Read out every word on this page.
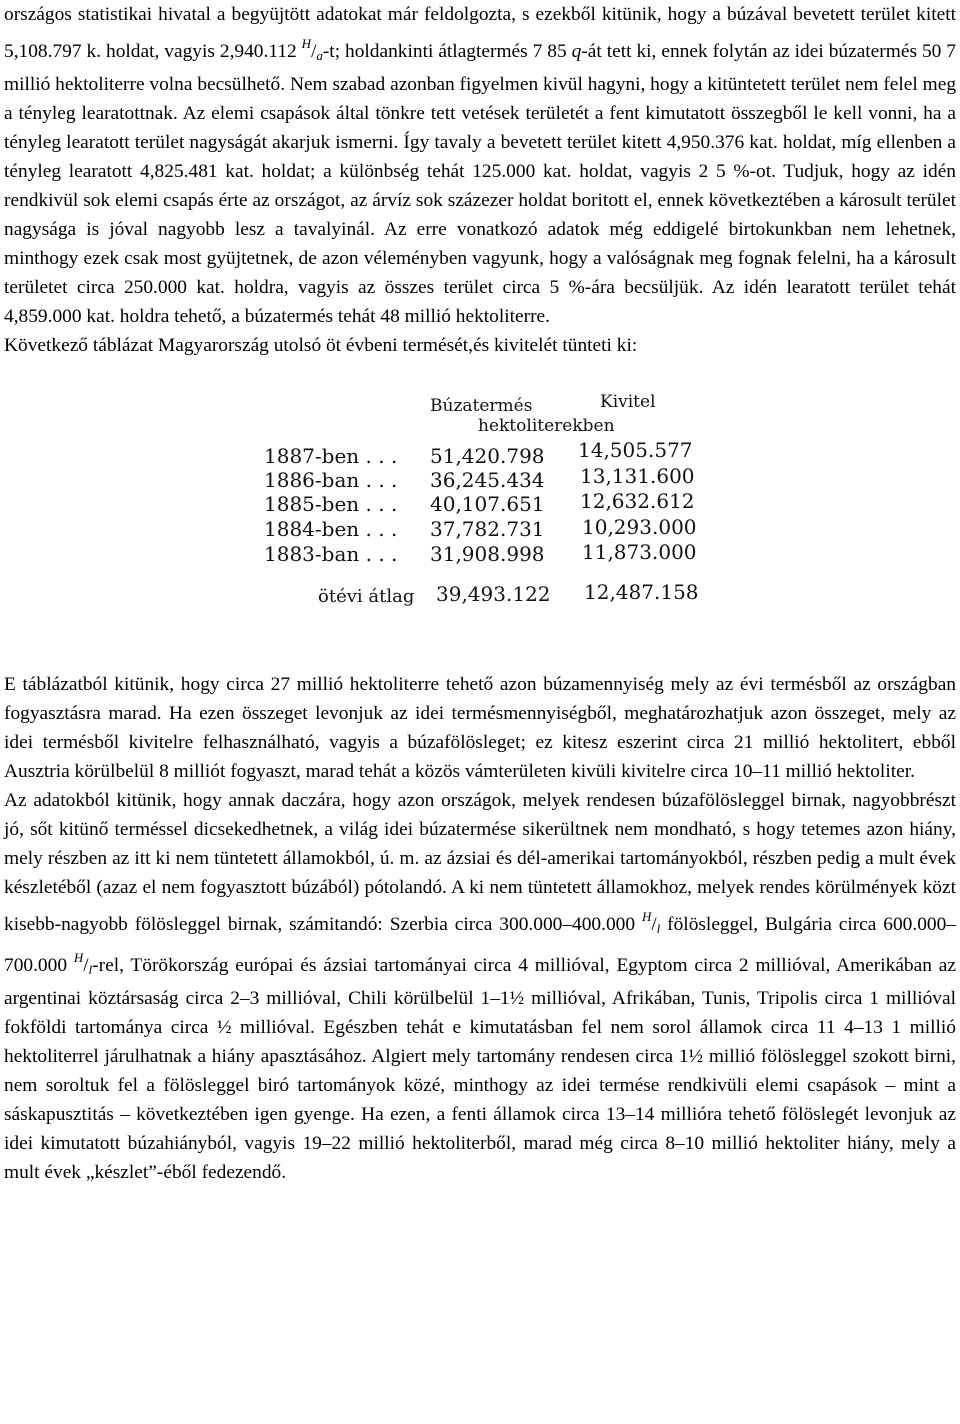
országos statistikai hivatal a begyüjtött adatokat már feldolgozta, s ezekből kitünik, hogy a búzával bevetett terület kitett 5,108.797 k. holdat, vagyis 2,940.112 $^H/_a-t$; holdankinti átlagtermés 7 85 q-át tett ki, ennek folytán az idei búzatermés 50 7 millió hektoliterre volna becsülhető. Nem szabad azonban figyelmen kivül hagyni, hogy a kitüntetett terület nem felel meg a tényleg learatottnak. Az elemi csapások által tönkre tett vetések területét a fent kimutatott összegből le kell vonni, ha a tényleg learatott terület nagyságát akarjuk ismerni. Így tavaly a bevetett terület kitett 4,950.376 kat. holdat, míg ellenben a tényleg learatott 4,825.481 kat. holdat; a különbség tehát 125.000 kat. holdat, vagyis 2 5 %-ot. Tudjuk, hogy az idén rendkivül sok elemi csapás érte az országot, az árvíz sok százezer holdat boritott el, ennek következtében a károsult terület nagysága is jóval nagyobb lesz a tavalyinál. Az erre vonatkozó adatok még eddigelé birtokunkban nem lehetnek, minthogy ezek csak most gyüjtetnek, de azon véleményben vagyunk, hogy a valóságnak meg fognak felelni, ha a károsult területet circa 250.000 kat. holdra, vagyis az összes terület circa 5 %-ára becsüljük. Az idén learatott terület tehát 4,859.000 kat. holdra tehető, a búzatermés tehát 48 millió hektoliterre.

Következő táblázat Magyarország utolsó öt évbeni termését,és kivitelét tünteti ki:

Búzatermés
hektoliterekben
Kivitel
1887-ben . . . 51,420.798 14,505.577
1886-ban . . . 36,245.434 13,131.600
1885-ben . . . 40,107.651 12,632.612
1884-ben . . . 37,782.731 10,293.000
1883-ban . . . 31,908.998 11,873.000
ötévi átlag 39,493.122 12,487.158

E táblázatból kitünik, hogy circa 27 millió hektoliterre tehető azon búzamennyiség mely az évi termésből az országban fogyasztásra marad. Ha ezen összeget levonjuk az idei termésmennyiségből, meghatározhatjuk azon összeget, mely az idei termésből kivitelre felhasználható, vagyis a búzafölösleget; ez kitesz eszerint circa 21 millió hektolitert, ebből Ausztria körülbelül 8 milliót fogyaszt, marad tehát a közös vámterületen kivüli kivitelre circa 10–11 millió hektoliter.

Az adatokból kitünik, hogy annak daczára, hogy azon országok, melyek rendesen búzafölösleggel birnak, nagyobbrészt jó, sőt kitünő terméssel dicsekedhetnek, a világ idei búzatermése sikerültnek nem mondható, s hogy tetemes azon hiány, mely részben az itt ki nem tüntetett államokból, ú. m. az ázsiai és dél-amerikai tartományokból, részben pedig a mult évek készletéből (azaz el nem fogyasztott búzából) pótolandó. A ki nem tüntetett államokhoz, melyek rendes körülmények közt kisebb-nagyobb fölösleggel birnak, számitandó: Szerbia circa 300.000–400.000 $^H/_l$ fölösleggel, Bulgária circa 600.000–700.000 $^H/_l$-rel, Törökország európai és ázsiai tartományai circa 4 millióval, Egyptom circa 2 millióval, Amerikában az argentinai köztársaság circa 2–3 millióval, Chili körülbelül 1–1½ millióval, Afrikában, Tunis, Tripolis circa 1 millióval fokföldi tartománya circa ½ millióval. Egészben tehát e kimutatásban fel nem sorol államok circa 11 4–13 1 millió hektoliterrel járulhatnak a hiány apasztásához. Algiert mely tartomány rendesen circa 1½ millió fölösleggel szokott birni, nem soroltuk fel a fölösleggel biró tartományok közé, minthogy az idei termése rendkivüli elemi csapások – mint a sáskapusztitás – következtében igen gyenge. Ha ezen, a fenti államok circa 13–14 millióra tehető fölöslegét levonjuk az idei kimutatott búzahiányból, vagyis 19–22 millió hektoliterből, marad még circa 8–10 millió hektoliter hiány, mely a mult évek „készlet”-éből fedezendő.
